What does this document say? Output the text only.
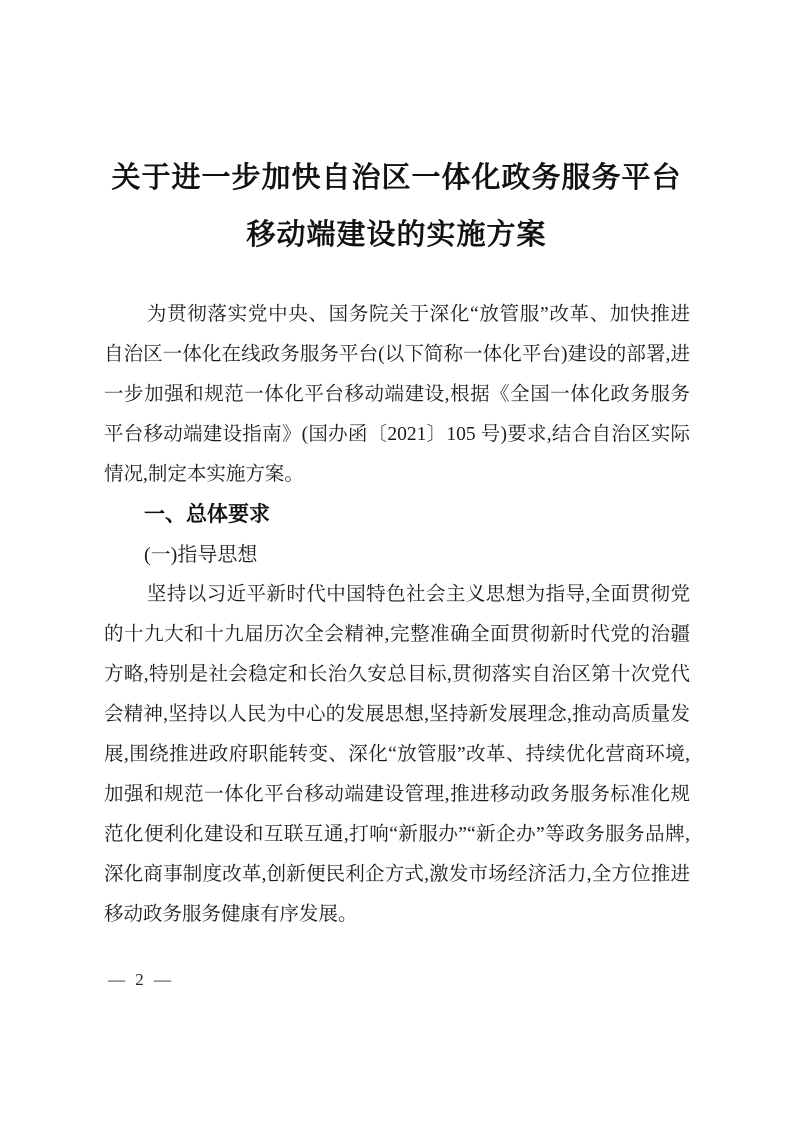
关于进一步加快自治区一体化政务服务平台
移动端建设的实施方案

为贯彻落实党中央、国务院关于深化“放管服”改革、加快推进自治区一体化在线政务服务平台(以下简称一体化平台)建设的部署,进一步加强和规范一体化平台移动端建设,根据《全国一体化政务服务平台移动端建设指南》(国办函〔2021〕105 号)要求,结合自治区实际情况,制定本实施方案。

一、总体要求
(一)指导思想

坚持以习近平新时代中国特色社会主义思想为指导,全面贯彻党的十九大和十九届历次全会精神,完整准确全面贯彻新时代党的治疆方略,特别是社会稳定和长治久安总目标,贯彻落实自治区第十次党代会精神,坚持以人民为中心的发展思想,坚持新发展理念,推动高质量发展,围绕推进政府职能转变、深化“放管服”改革、持续优化营商环境,加强和规范一体化平台移动端建设管理,推进移动政务服务标准化规范化便利化建设和互联互通,打响“新服办”“新企办”等政务服务品牌,深化商事制度改革,创新便民利企方式,激发市场经济活力,全方位推进移动政务服务健康有序发展。

— 2 —
